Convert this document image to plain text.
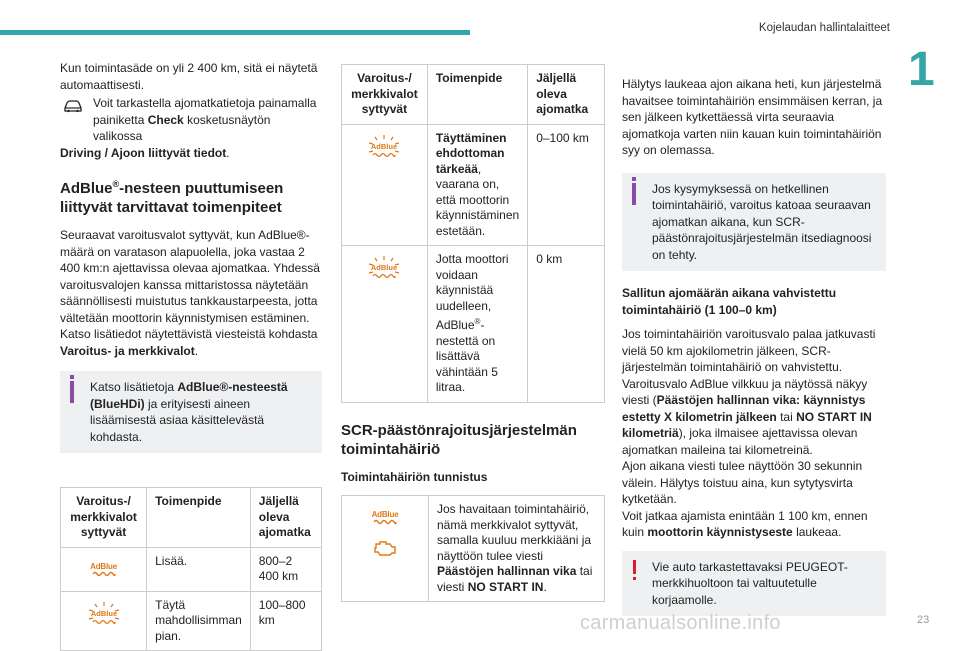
Kojelaudan hallintalaitteet
1

Kun toimintasäde on yli 2 400 km, sitä ei näytetä automaattisesti.

Voit tarkastella ajomatkatietoja painamalla painiketta Check kosketusnäytön valikossa

Driving / Ajoon liittyvät tiedot.

AdBlue®-nesteen puuttumiseen liittyvät tarvittavat toimenpiteet

Seuraavat varoitusvalot syttyvät, kun AdBlue®-määrä on varatason alapuolella, joka vastaa 2 400 km:n ajettavissa olevaa ajomatkaa. Yhdessä varoitusvalojen kanssa mittaristossa näytetään säännöllisesti muistutus tankkaustarpeesta, jotta vältetään moottorin käynnistymisen estäminen. Katso lisätiedot näytettävistä viesteistä kohdasta Varoitus- ja merkkivalot.

Katso lisätietoja AdBlue®-nesteestä (BlueHDi) ja erityisesti aineen lisäämisestä asiaa käsittelevästä kohdasta.

Varoitus-/ merkkivalot syttyvät	Toimenpide	Jäljellä oleva ajomatka

AdBlue	Lisää.	800–2
400 km

AdBlue	Täytä mahdollisimman pian.	100–800 km
Varoitus-/ merkkivalot syttyvät	Toimenpide	Jäljellä oleva ajomatka

AdBlue	Täyttäminen ehdottoman tärkeää, vaarana on, että moottorin käynnistäminen estetään.	0–100 km

AdBlue	Jotta moottori voidaan käynnistää uudelleen, AdBlue®-nestettä on lisättävä vähintään 5 litraa.	0 km
SCR-päästönrajoitusjärjestelmän toimintahäiriö
Toimintahäiriön tunnistus
AdBlue	Jos havaitaan toimintahäiriö, nämä merkkivalot syttyvät, samalla kuuluu merkkiääni ja näyttöön tulee viesti Päästöjen hallinnan vika tai viesti NO START IN.

Hälytys laukeaa ajon aikana heti, kun järjestelmä havaitsee toimintahäiriön ensimmäisen kerran, ja sen jälkeen kytkettäessä virta seuraavia ajomatkoja varten niin kauan kuin toimintahäiriön syy on olemassa.

Jos kysymyksessä on hetkellinen toimintahäiriö, varoitus katoaa seuraavan ajomatkan aikana, kun SCR-päästönrajoitusjärjestelmän itsediagnoosi on tehty.

Sallitun ajomäärän aikana vahvistettu toimintahäiriö (1 100–0 km)

Jos toimintahäiriön varoitusvalo palaa jatkuvasti vielä 50 km ajokilometrin jälkeen, SCR-järjestelmän toimintahäiriö on vahvistettu. Varoitusvalo AdBlue vilkkuu ja näytössä näkyy viesti (Päästöjen hallinnan vika: käynnistys estetty X kilometrin jälkeen tai NO START IN kilometriä), joka ilmaisee ajettavissa olevan ajomatkan maileina tai kilometreinä.

Ajon aikana viesti tulee näyttöön 30 sekunnin välein. Hälytys toistuu aina, kun sytytysvirta kytketään.

Voit jatkaa ajamista enintään 1 100 km, ennen kuin moottorin käynnistyseste laukeaa.

Vie auto tarkastettavaksi PEUGEOT-merkkihuoltoon tai valtuutetulle korjaamolle.

carmanualsonline.info	23
